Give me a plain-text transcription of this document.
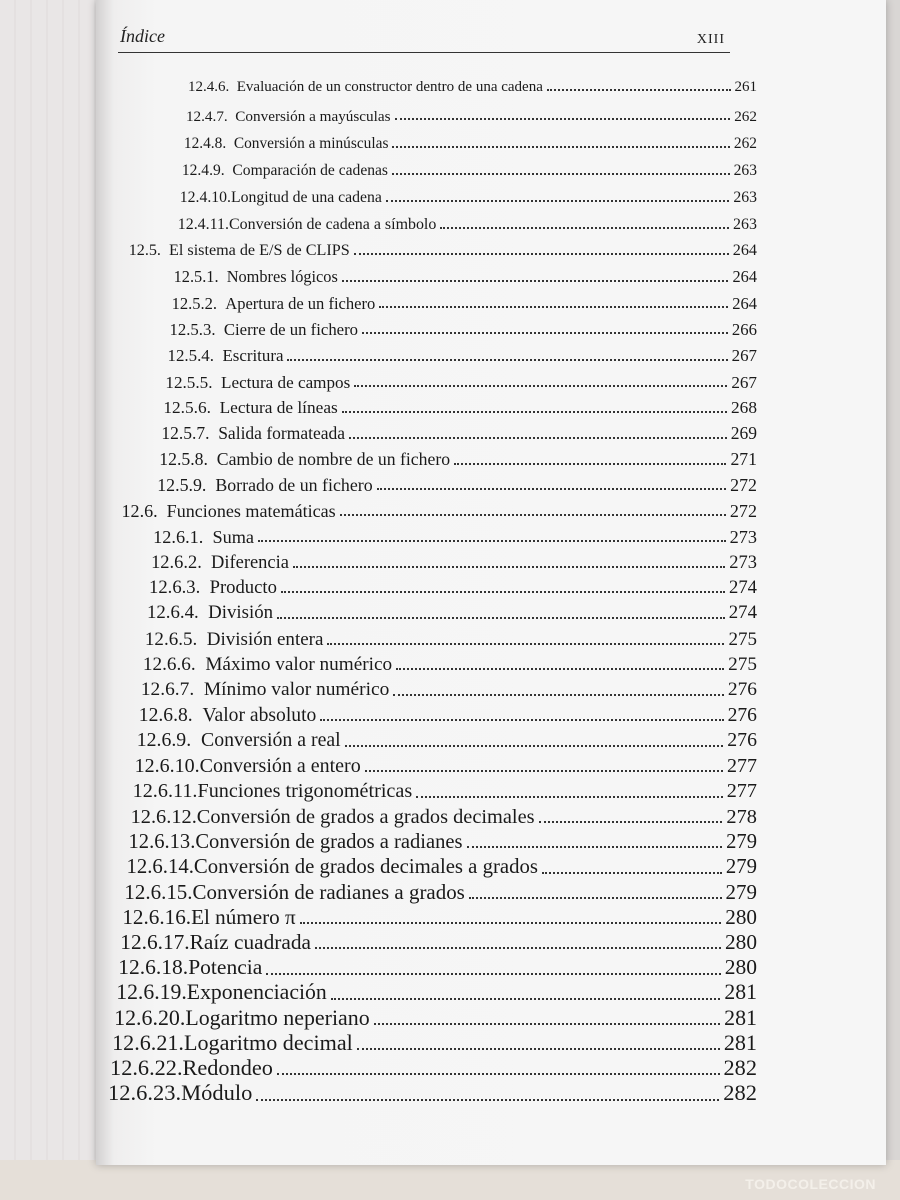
Índice	XIII
12.4.6. Evaluación de un constructor dentro de una cadena	261
12.4.7. Conversión a mayúsculas	262
12.4.8. Conversión a minúsculas	262
12.4.9. Comparación de cadenas	263
12.4.10. Longitud de una cadena	263
12.4.11. Conversión de cadena a símbolo	263
12.5. El sistema de E/S de CLIPS	264
12.5.1. Nombres lógicos	264
12.5.2. Apertura de un fichero	264
12.5.3. Cierre de un fichero	266
12.5.4. Escritura	267
12.5.5. Lectura de campos	267
12.5.6. Lectura de líneas	268
12.5.7. Salida formateada	269
12.5.8. Cambio de nombre de un fichero	271
12.5.9. Borrado de un fichero	272
12.6. Funciones matemáticas	272
12.6.1. Suma	273
12.6.2. Diferencia	273
12.6.3. Producto	274
12.6.4. División	274
12.6.5. División entera	275
12.6.6. Máximo valor numérico	275
12.6.7. Mínimo valor numérico	276
12.6.8. Valor absoluto	276
12.6.9. Conversión a real	276
12.6.10. Conversión a entero	277
12.6.11. Funciones trigonométricas	277
12.6.12. Conversión de grados a grados decimales	278
12.6.13. Conversión de grados a radianes	279
12.6.14. Conversión de grados decimales a grados	279
12.6.15. Conversión de radianes a grados	279
12.6.16. El número π	280
12.6.17. Raíz cuadrada	280
12.6.18. Potencia	280
12.6.19. Exponenciación	281
12.6.20. Logaritmo neperiano	281
12.6.21. Logaritmo decimal	281
12.6.22. Redondeo	282
12.6.23. Módulo	282
TODOCOLECCION
